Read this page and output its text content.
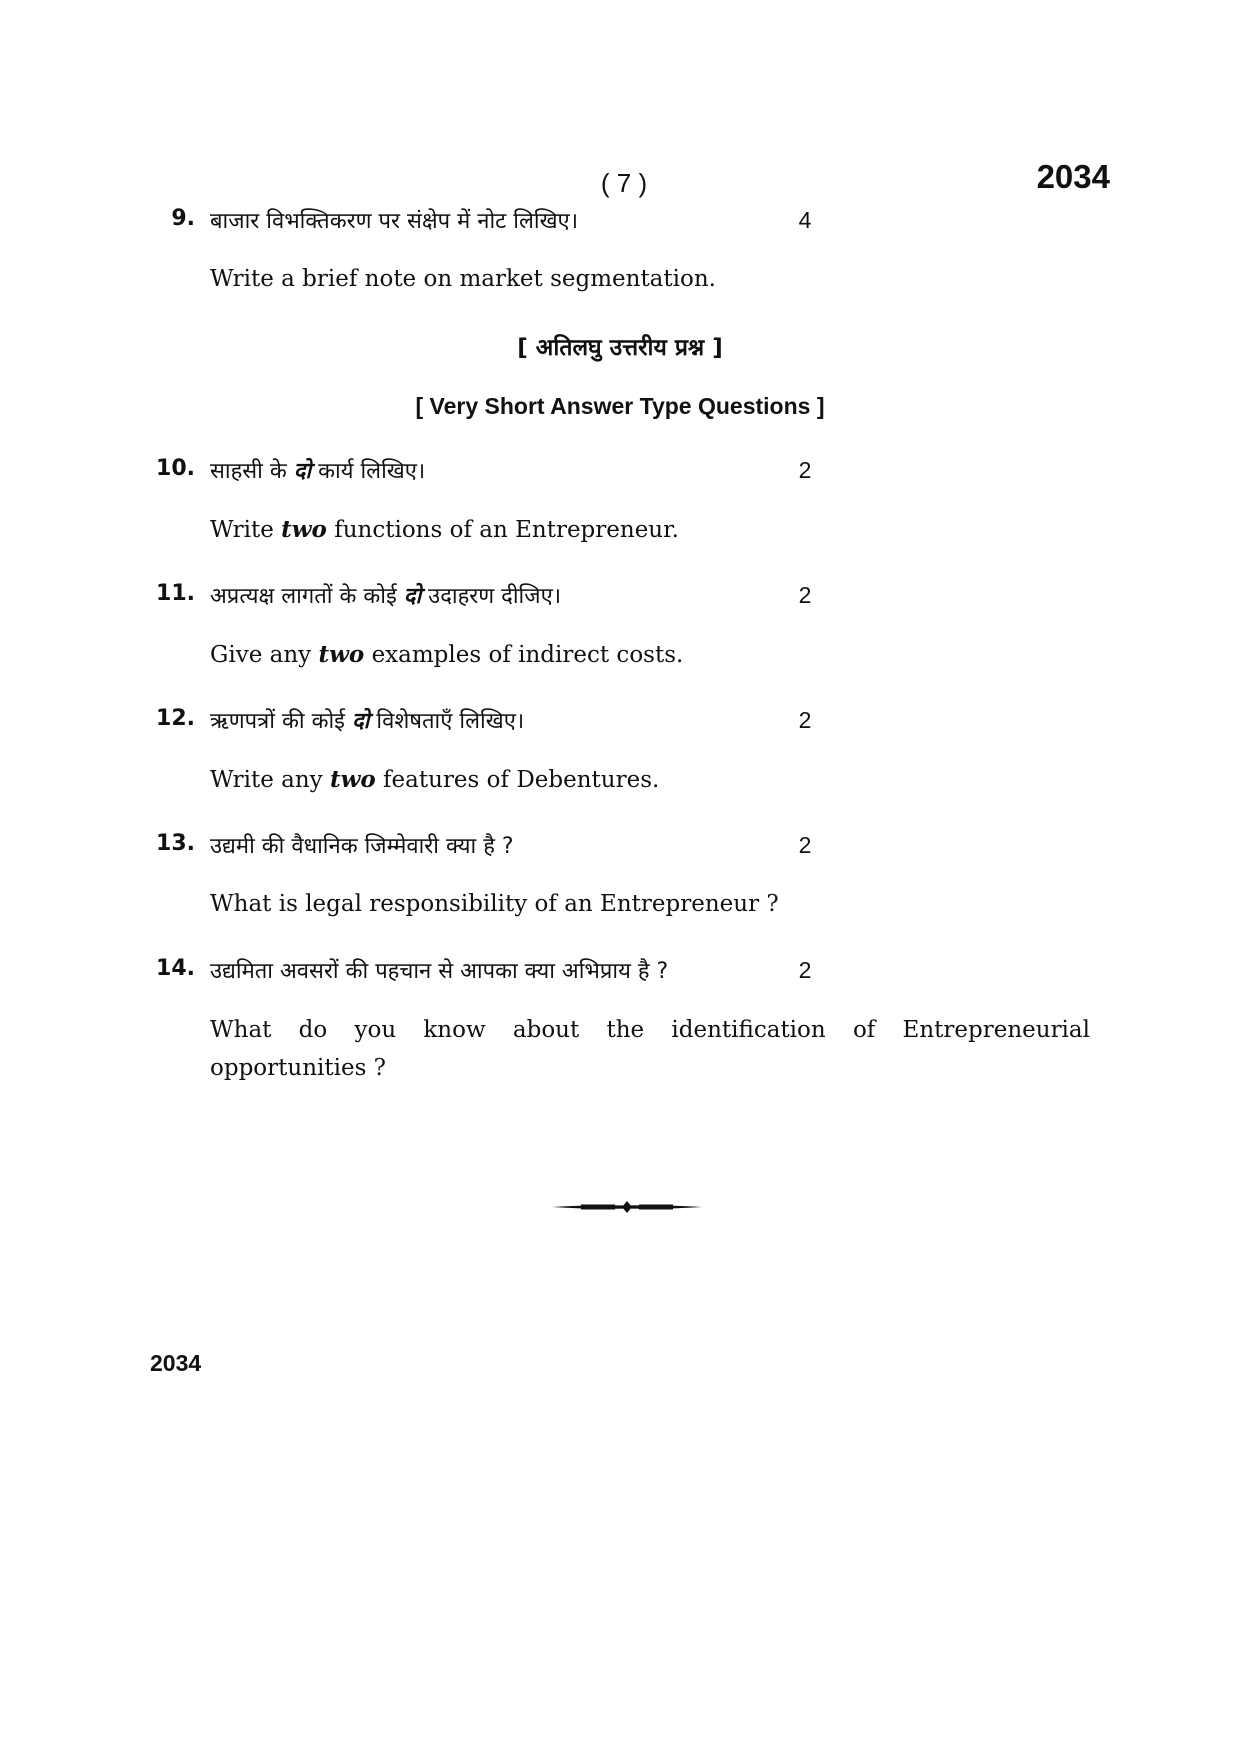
( 7 )	2034
9. बाजार विभक्तिकरण पर संक्षेप में नोट लिखिए।	4
Write a brief note on market segmentation.
[ अतिलघु उत्तरीय प्रश्न ]
[ Very Short Answer Type Questions ]
10. साहसी के दो कार्य लिखिए।	2
Write two functions of an Entrepreneur.
11. अप्रत्यक्ष लागतों के कोई दो उदाहरण दीजिए।	2
Give any two examples of indirect costs.
12. ऋणपत्रों की कोई दो विशेषताएँ लिखिए।	2
Write any two features of Debentures.
13. उद्यमी की वैधानिक जिम्मेवारी क्या है ?	2
What is legal responsibility of an Entrepreneur ?
14. उद्यमिता अवसरों की पहचान से आपका क्या अभिप्राय है ?	2
What do you know about the identification of Entrepreneurial opportunities ?
2034
